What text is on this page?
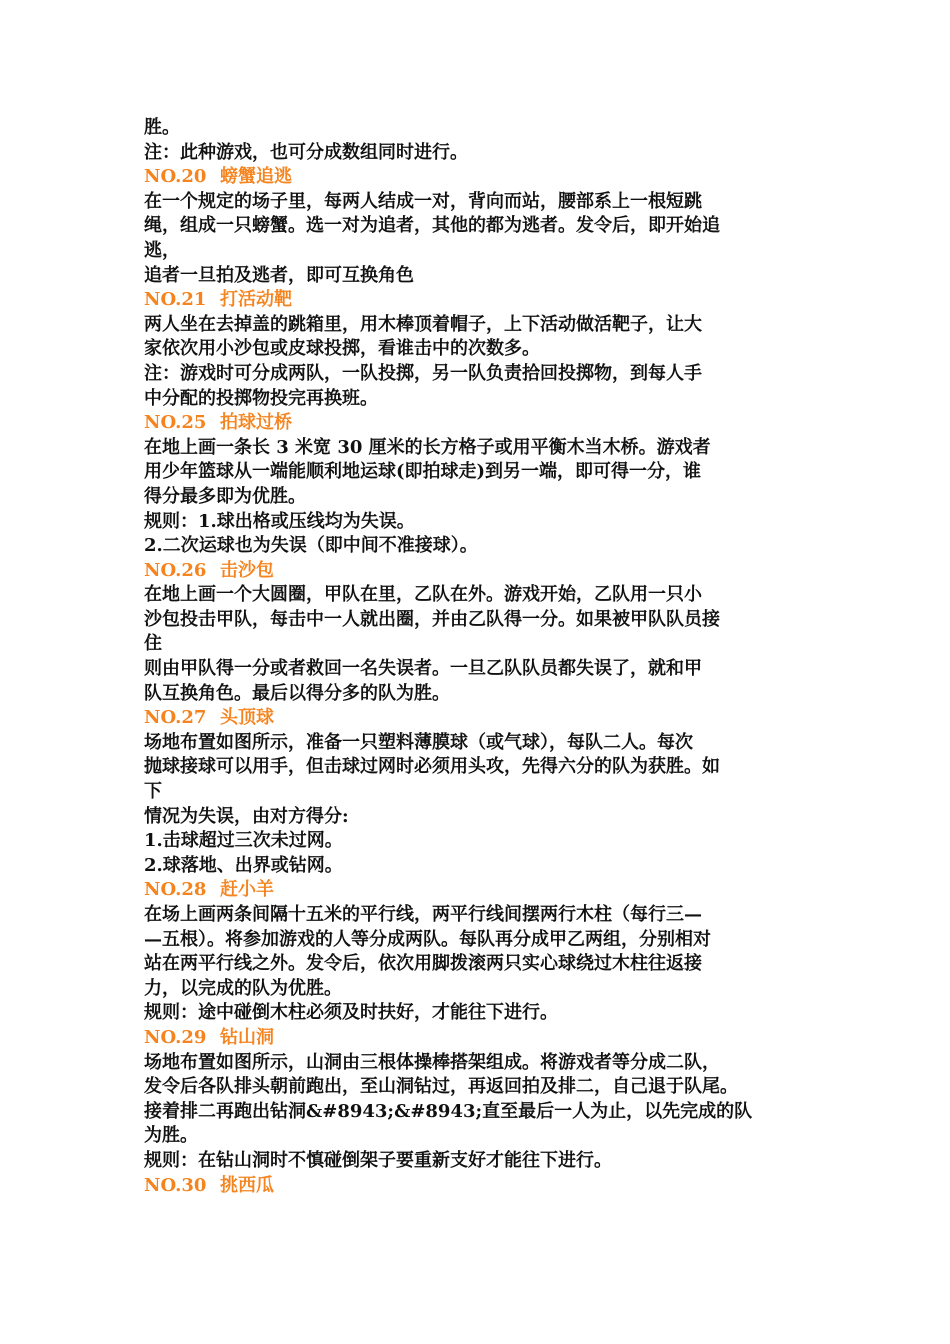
胜。
注：此种游戏，也可分成数组同时进行。
NO.20 螃蟹追逃
在一个规定的场子里，每两人结成一对，背向而站，腰部系上一根短跳
绳，组成一只螃蟹。选一对为追者，其他的都为逃者。发令后，即开始追
逃，
追者一旦拍及逃者，即可互换角色
NO.21 打活动靶
两人坐在去掉盖的跳箱里，用木棒顶着帽子，上下活动做活靶子，让大
家依次用小沙包或皮球投掷，看谁击中的次数多。
注：游戏时可分成两队，一队投掷，另一队负责拾回投掷物，到每人手
中分配的投掷物投完再换班。
NO.25 拍球过桥
在地上画一条长 3 米宽 30 厘米的长方格子或用平衡木当木桥。游戏者
用少年篮球从一端能顺利地运球(即拍球走)到另一端，即可得一分，谁
得分最多即为优胜。
规则：1.球出格或压线均为失误。
2.二次运球也为失误（即中间不准接球）。
NO.26 击沙包
在地上画一个大圆圈，甲队在里，乙队在外。游戏开始，乙队用一只小
沙包投击甲队，每击中一人就出圈，并由乙队得一分。如果被甲队队员接
住
则由甲队得一分或者救回一名失误者。一旦乙队队员都失误了，就和甲
队互换角色。最后以得分多的队为胜。
NO.27 头顶球
场地布置如图所示，准备一只塑料薄膜球（或气球），每队二人。每次
抛球接球可以用手，但击球过网时必须用头攻，先得六分的队为获胜。如
下
情况为失误，由对方得分:
1.击球超过三次未过网。
2.球落地、出界或钻网。
NO.28 赶小羊
在场上画两条间隔十五米的平行线，两平行线间摆两行木柱（每行三—
—五根）。将参加游戏的人等分成两队。每队再分成甲乙两组，分别相对
站在两平行线之外。发令后，依次用脚拨滚两只实心球绕过木柱往返接
力，以完成的队为优胜。
规则：途中碰倒木柱必须及时扶好，才能往下进行。
NO.29 钻山洞
场地布置如图所示，山洞由三根体操棒搭架组成。将游戏者等分成二队，
发令后各队排头朝前跑出，至山洞钻过，再返回拍及排二，自己退于队尾。
接着排二再跑出钻洞&#8943;&#8943;直至最后一人为止，以先完成的队
为胜。
规则：在钻山洞时不慎碰倒架子要重新支好才能往下进行。
NO.30 挑西瓜
